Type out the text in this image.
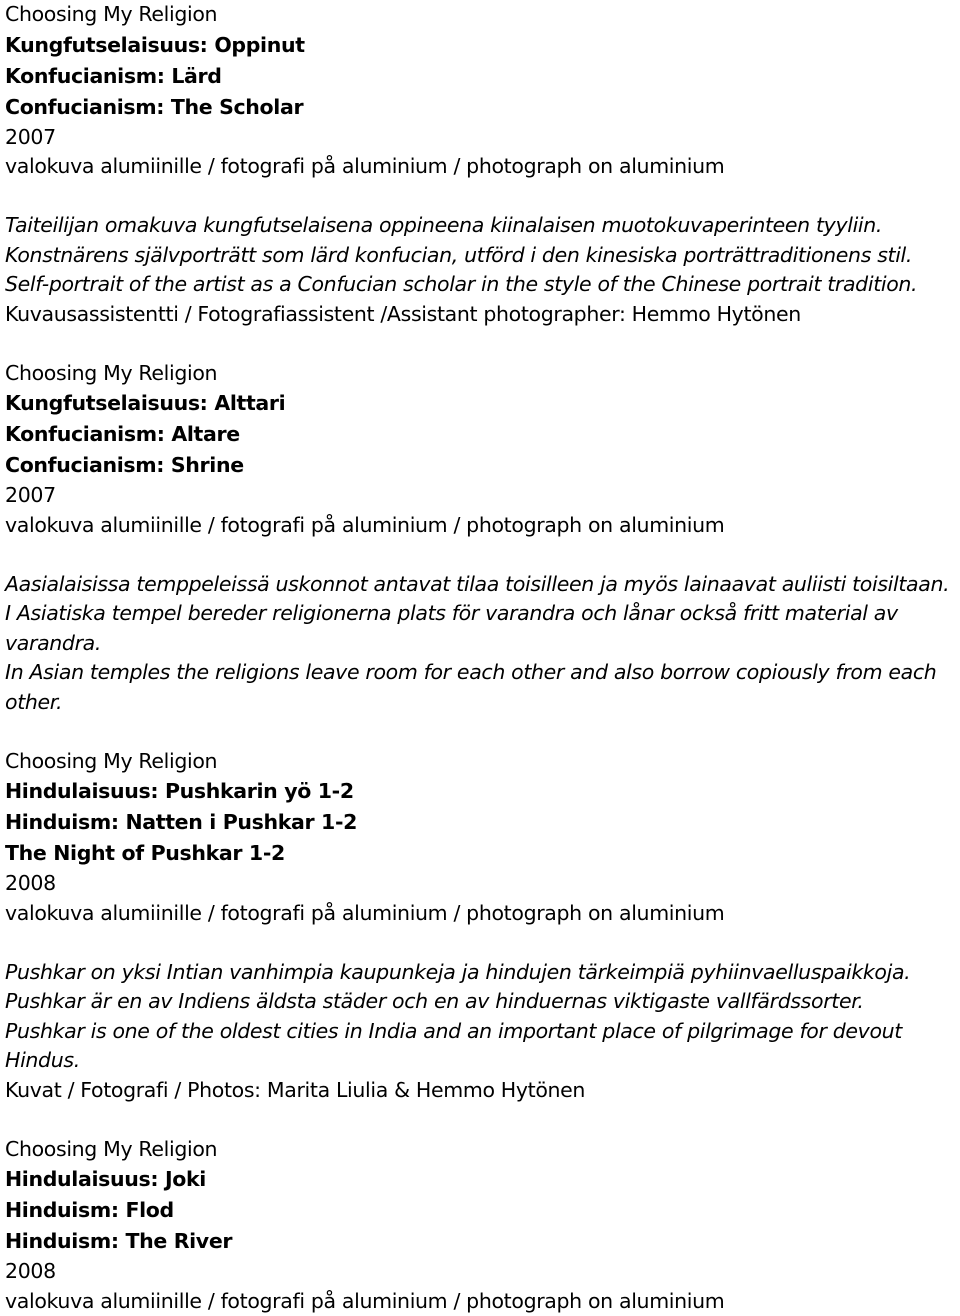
Choosing My Religion
Kungfutselaisuus: Oppinut
Konfucianism: Lärd
Confucianism: The Scholar
2007
valokuva alumiinille / fotografi på aluminium / photograph on aluminium
Taiteilijan omakuva kungfutselaisena oppineena kiinalaisen muotokuvaperinteen tyyliin.
Konstnärens självporträtt som lärd konfucian, utförd i den kinesiska porträttraditionens stil.
Self-portrait of the artist as a Confucian scholar in the style of the Chinese portrait tradition.
Kuvausassistentti / Fotografiassistent /Assistant photographer: Hemmo Hytönen
Choosing My Religion
Kungfutselaisuus: Alttari
Konfucianism: Altare
Confucianism: Shrine
2007
valokuva alumiinille / fotografi på aluminium / photograph on aluminium
Aasialaisissa temppeleissä uskonnot antavat tilaa toisilleen ja myös lainaavat auliisti toisiltaan.
I Asiatiska tempel bereder religionerna plats för varandra och lånar också fritt material av varandra.
In Asian temples the religions leave room for each other and also borrow copiously from each other.
Choosing My Religion
Hindulaisuus: Pushkarin yö 1-2
Hinduism: Natten i Pushkar 1-2
The Night of Pushkar 1-2
2008
valokuva alumiinille / fotografi på aluminium / photograph on aluminium
Pushkar on yksi Intian vanhimpia kaupunkeja ja hindujen tärkeimpiä pyhiinvaelluspaikkoja.
Pushkar är en av Indiens äldsta städer och en av hinduernas viktigaste vallfärdssorter.
Pushkar is one of the oldest cities in India and an important place of pilgrimage for devout Hindus.
Kuvat / Fotografi / Photos: Marita Liulia & Hemmo Hytönen
Choosing My Religion
Hindulaisuus: Joki
Hinduism: Flod
Hinduism: The River
2008
valokuva alumiinille / fotografi på aluminium / photograph on aluminium
